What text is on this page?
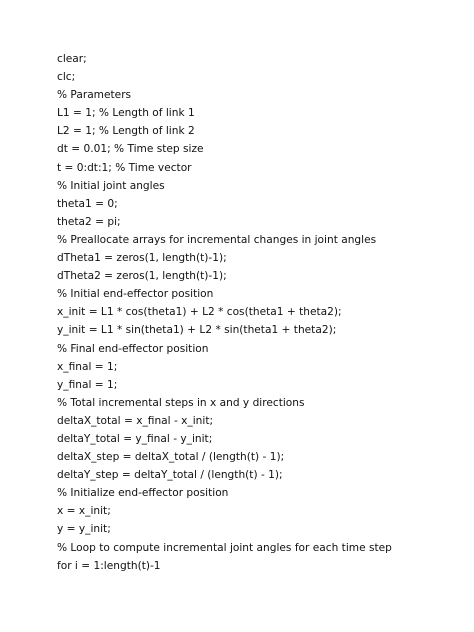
clear;
clc;
% Parameters
L1 = 1; % Length of link 1
L2 = 1; % Length of link 2
dt = 0.01; % Time step size
t = 0:dt:1; % Time vector
% Initial joint angles
theta1 = 0;
theta2 = pi;
% Preallocate arrays for incremental changes in joint angles
dTheta1 = zeros(1, length(t)-1);
dTheta2 = zeros(1, length(t)-1);
% Initial end-effector position
x_init = L1 * cos(theta1) + L2 * cos(theta1 + theta2);
y_init = L1 * sin(theta1) + L2 * sin(theta1 + theta2);
% Final end-effector position
x_final = 1;
y_final = 1;
% Total incremental steps in x and y directions
deltaX_total = x_final - x_init;
deltaY_total = y_final - y_init;
deltaX_step = deltaX_total / (length(t) - 1);
deltaY_step = deltaY_total / (length(t) - 1);
% Initialize end-effector position
x = x_init;
y = y_init;
% Loop to compute incremental joint angles for each time step
for i = 1:length(t)-1
